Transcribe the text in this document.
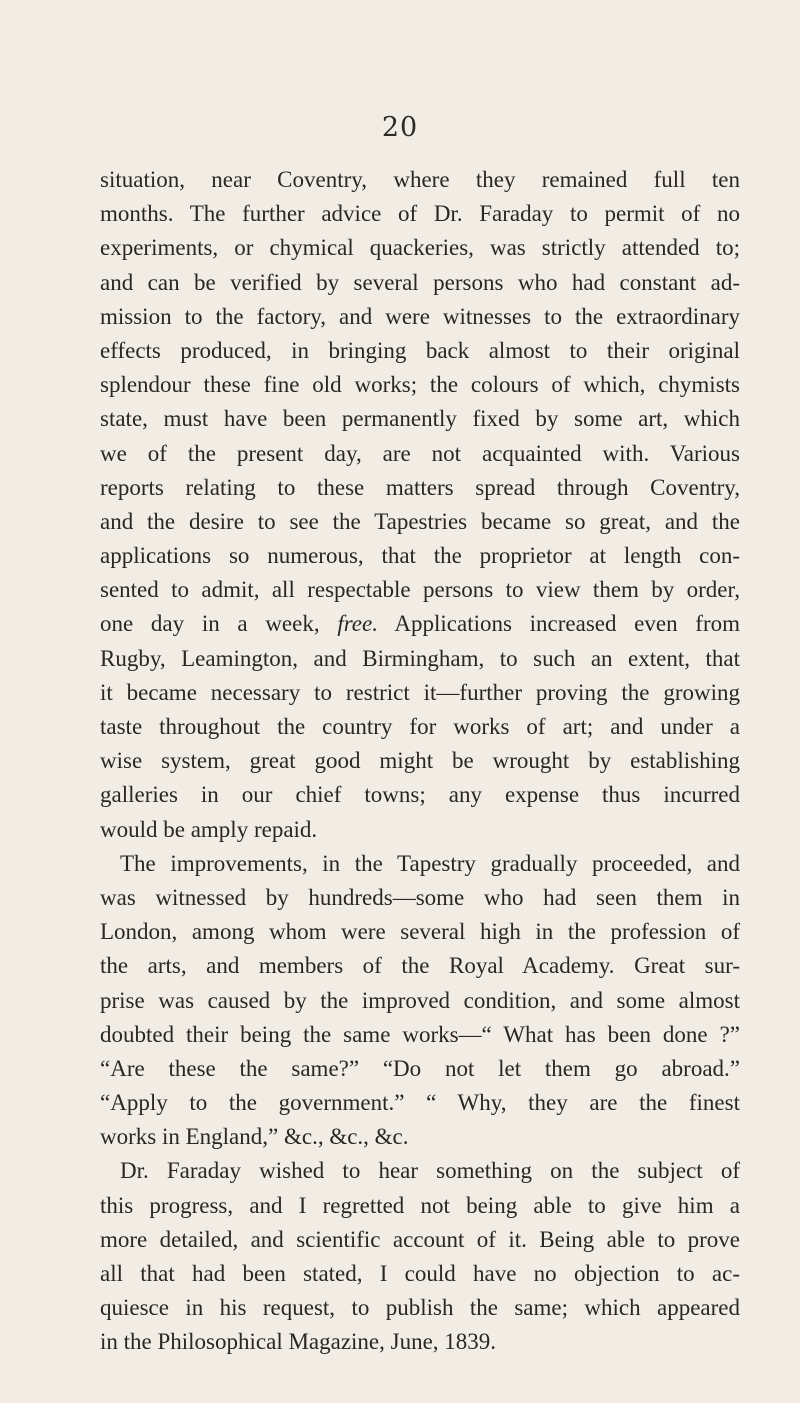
20
situation, near Coventry, where they remained full ten
months. The further advice of Dr. Faraday to permit of no
experiments, or chymical quackeries, was strictly attended to;
and can be verified by several persons who had constant ad-
mission to the factory, and were witnesses to the extraordinary
effects produced, in bringing back almost to their original
splendour these fine old works; the colours of which, chymists
state, must have been permanently fixed by some art, which
we of the present day, are not acquainted with. Various
reports relating to these matters spread through Coventry,
and the desire to see the Tapestries became so great, and the
applications so numerous, that the proprietor at length con-
sented to admit, all respectable persons to view them by order,
one day in a week, free. Applications increased even from
Rugby, Leamington, and Birmingham, to such an extent, that
it became necessary to restrict it—further proving the growing
taste throughout the country for works of art; and under a
wise system, great good might be wrought by establishing
galleries in our chief towns; any expense thus incurred
would be amply repaid.
The improvements, in the Tapestry gradually proceeded, and
was witnessed by hundreds—some who had seen them in
London, among whom were several high in the profession of
the arts, and members of the Royal Academy. Great sur-
prise was caused by the improved condition, and some almost
doubted their being the same works—“ What has been done ?”
“Are these the same?” “Do not let them go abroad.”
“Apply to the government.” “ Why, they are the finest
works in England,” &c., &c., &c.
Dr. Faraday wished to hear something on the subject of
this progress, and I regretted not being able to give him a
more detailed, and scientific account of it. Being able to prove
all that had been stated, I could have no objection to ac-
quiesce in his request, to publish the same; which appeared
in the Philosophical Magazine, June, 1839.
